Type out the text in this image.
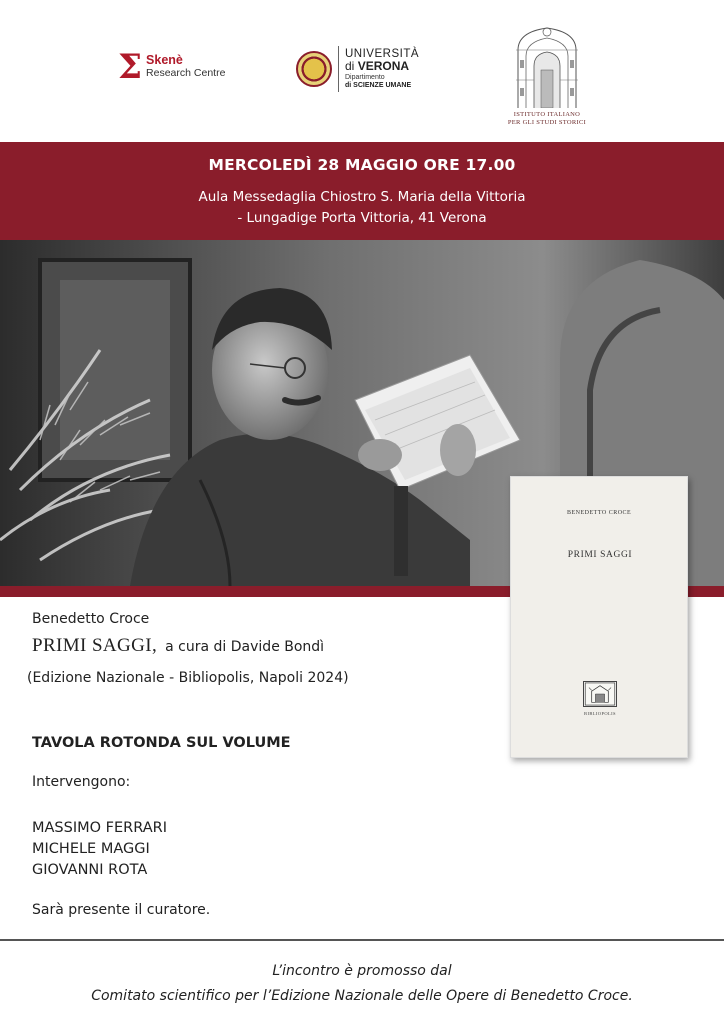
Σ Skenè
Research Centre
UNIVERSITÀ
di VERONA
Dipartimento
di SCIENZE UMANE
ISTITUTO ITALIANO
PER GLI STUDI STORICI
MERCOLEDÌ 28 MAGGIO ORE 17.00
Aula Messedaglia Chiostro S. Maria della Vittoria
- Lungadige Porta Vittoria, 41 Verona
BENEDETTO CROCE
PRIMI SAGGI
BIBLIOPOLIS
Benedetto Croce
PRIMI SAGGI, a cura di Davide Bondì
(Edizione Nazionale - Bibliopolis, Napoli 2024)
TAVOLA ROTONDA SUL VOLUME
Intervengono:
MASSIMO FERRARI
MICHELE MAGGI
GIOVANNI ROTA
Sarà presente il curatore.
L’incontro è promosso dal
Comitato scientifico per l’Edizione Nazionale delle Opere di Benedetto Croce.
